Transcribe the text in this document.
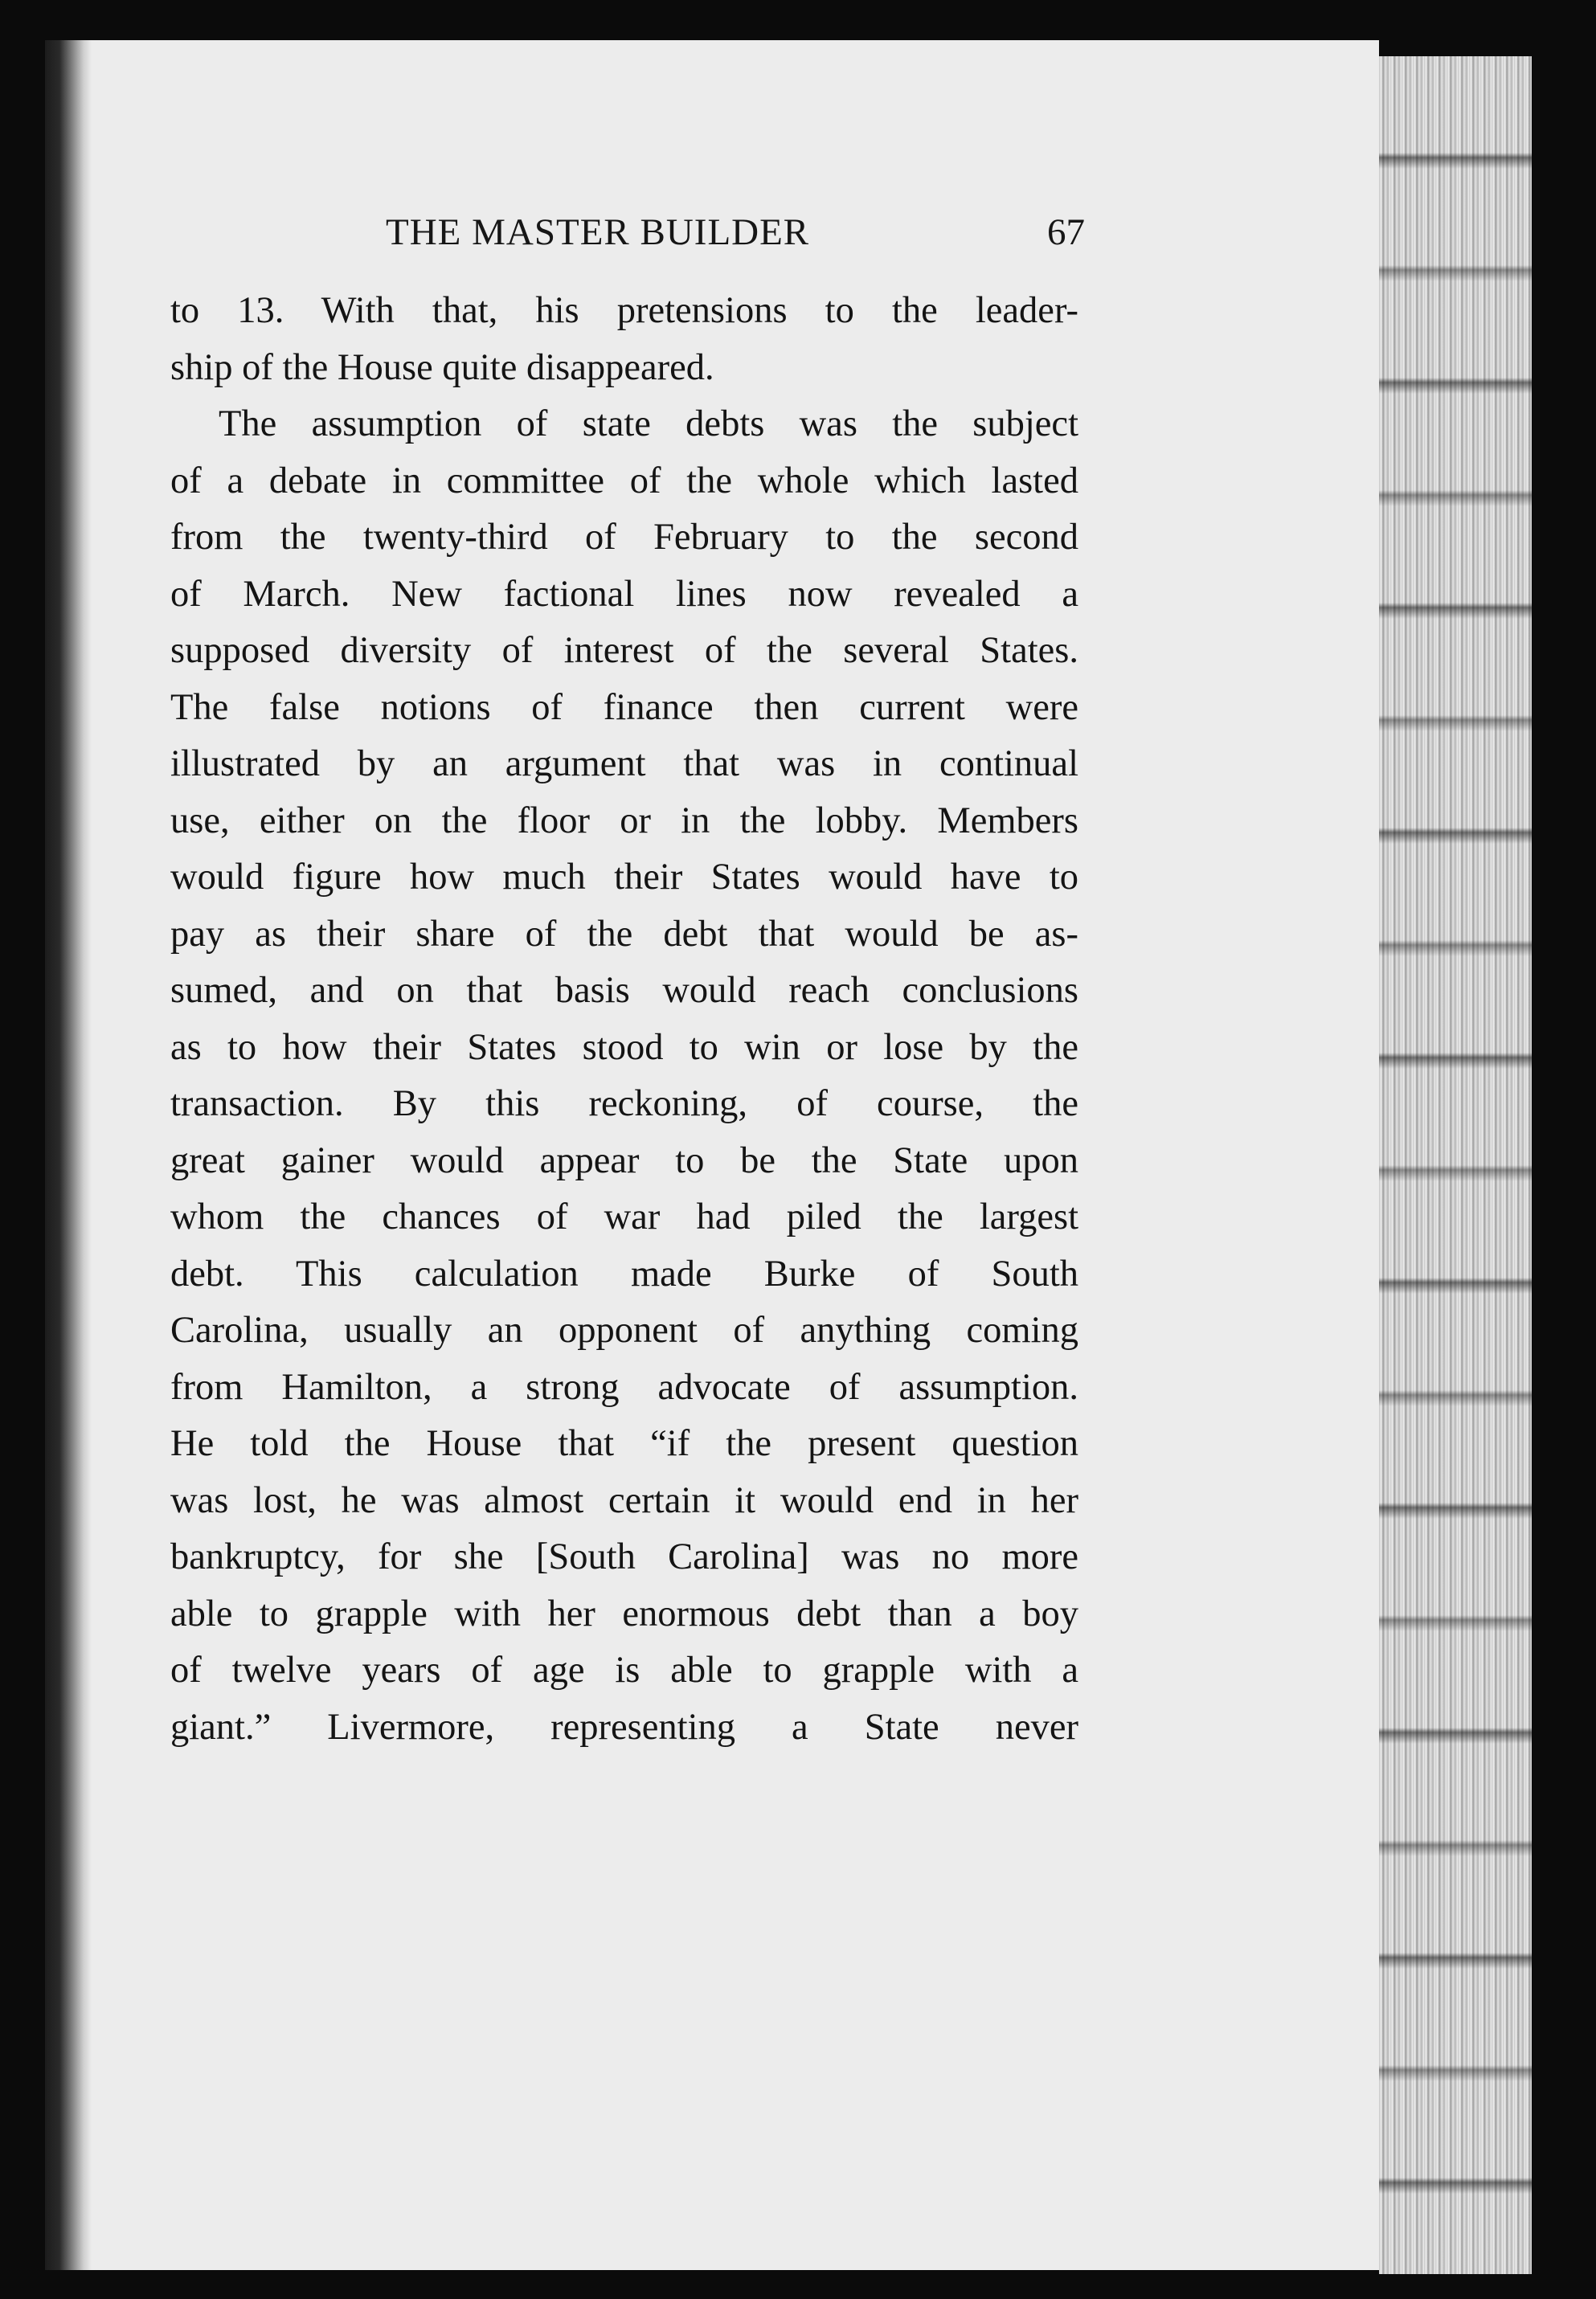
THE MASTER BUILDER	67
to 13. With that, his pretensions to the leader-
ship of the House quite disappeared.
The assumption of state debts was the subject
of a debate in committee of the whole which lasted
from the twenty-third of February to the second
of March. New factional lines now revealed a
supposed diversity of interest of the several States.
The false notions of finance then current were
illustrated by an argument that was in continual
use, either on the floor or in the lobby. Members
would figure how much their States would have to
pay as their share of the debt that would be as-
sumed, and on that basis would reach conclusions
as to how their States stood to win or lose by the
transaction. By this reckoning, of course, the
great gainer would appear to be the State upon
whom the chances of war had piled the largest
debt. This calculation made Burke of South
Carolina, usually an opponent of anything coming
from Hamilton, a strong advocate of assumption.
He told the House that “if the present question
was lost, he was almost certain it would end in her
bankruptcy, for she [South Carolina] was no more
able to grapple with her enormous debt than a boy
of twelve years of age is able to grapple with a
giant.” Livermore, representing a State never
